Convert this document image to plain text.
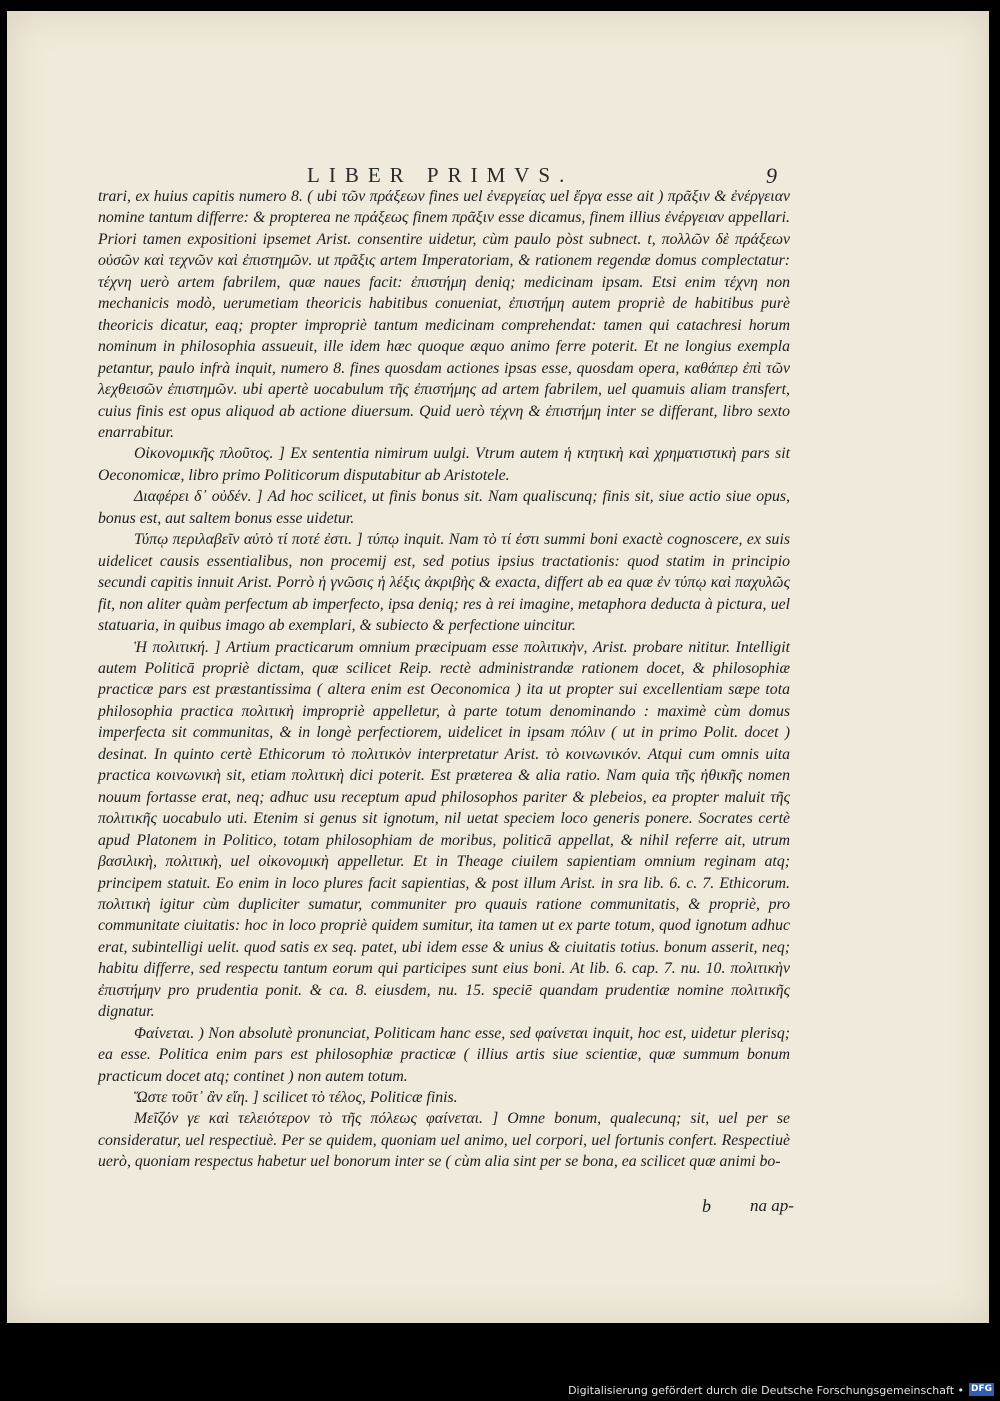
LIBER PRIMVS.	9

trari, ex huius capitis numero 8. ( ubi τῶν πράξεων fines uel ἐνεργείας uel ἔργα esse ait ) πρᾶξιν & ἐνέργειαν nomine tantum differre: & propterea ne πράξεως finem πρᾶξιν esse dicamus, finem illius ἐνέργειαν appellari. Priori tamen expositioni ipsemet Arist. consentire uidetur, cùm paulo pòst subnect. t, πολλῶν δὲ πράξεων οὐσῶν καὶ τεχνῶν καὶ ἐπιστημῶν. ut πρᾶξις artem Imperatoriam, & rationem regendæ domus complectatur: τέχνη uerò artem fabrilem, quæ naues facit: ἐπιστήμη deniq; medicinam ipsam. Etsi enim τέχνη non mechanicis modò, uerumetiam theoricis habitibus conueniat, ἐπιστήμη autem propriè de habitibus purè theoricis dicatur, eaq; propter impropriè tantum medicinam comprehendat: tamen qui catachresi horum nominum in philosophia assueuit, ille idem hæc quoque æquo animo ferre poterit. Et ne longius exempla petantur, paulo infrà inquit, numero 8. fines quosdam actiones ipsas esse, quosdam opera, καθάπερ ἐπὶ τῶν λεχθεισῶν ἐπιστημῶν. ubi apertè uocabulum τῆς ἐπιστήμης ad artem fabrilem, uel quamuis aliam transfert, cuius finis est opus aliquod ab actione diuersum. Quid uerò τέχνη & ἐπιστήμη inter se differant, libro sexto enarrabitur.

Οἰκονομικῆς πλοῦτος. ] Ex sententia nimirum uulgi. Vtrum autem ἡ κτητικὴ καὶ χρηματιστικὴ pars sit Oeconomicæ, libro primo Politicorum disputabitur ab Aristotele.

Διαφέρει δ᾽ οὐδέν. ] Ad hoc scilicet, ut finis bonus sit. Nam qualiscunq; finis sit, siue actio siue opus, bonus est, aut saltem bonus esse uidetur.

Τύπῳ περιλαβεῖν αὐτὸ τί ποτέ ἐστι. ] τύπῳ inquit. Nam τὸ τί ἐστι summi boni exactè cognoscere, ex suis uidelicet causis essentialibus, non procemij est, sed potius ipsius tractationis: quod statim in principio secundi capitis innuit Arist. Porrò ἡ γνῶσις ἡ λέξις ἀκριβὴς & exacta, differt ab ea quæ ἐν τύπῳ καὶ παχυλῶς fit, non aliter quàm perfectum ab imperfecto, ipsa deniq; res à rei imagine, metaphora deducta à pictura, uel statuaria, in quibus imago ab exemplari, & subiecto & perfectione uincitur.

Ἡ πολιτική. ] Artium practicarum omnium præcipuam esse πολιτικὴν, Arist. probare nititur. Intelligit autem Politicā propriè dictam, quæ scilicet Reip. rectè administrandæ rationem docet, & philosophiæ practicæ pars est præstantissima ( altera enim est Oeconomica ) ita ut propter sui excellentiam sæpe tota philosophia practica πολιτικὴ impropriè appelletur, à parte totum denominando : maximè cùm domus imperfecta sit communitas, & in longè perfectiorem, uidelicet in ipsam πόλιν ( ut in primo Polit. docet ) desinat. In quinto certè Ethicorum τὸ πολιτικὸν interpretatur Arist. τὸ κοινωνικόν. Atqui cum omnis uita practica κοινωνικὴ sit, etiam πολιτικὴ dici poterit. Est præterea & alia ratio. Nam quia τῆς ἠθικῆς nomen nouum fortasse erat, neq; adhuc usu receptum apud philosophos pariter & plebeios, ea propter maluit τῆς πολιτικῆς uocabulo uti. Etenim si genus sit ignotum, nil uetat speciem loco generis ponere. Socrates certè apud Platonem in Politico, totam philosophiam de moribus, politicā appellat, & nihil referre ait, utrum βασιλικὴ, πολιτικὴ, uel οἰκονομικὴ appelletur. Et in Theage ciuilem sapientiam omnium reginam atq; principem statuit. Eo enim in loco plures facit sapientias, & post illum Arist. in sra lib. 6. c. 7. Ethicorum. πολιτικὴ igitur cùm dupliciter sumatur, communiter pro quauis ratione communitatis, & propriè, pro communitate ciuitatis: hoc in loco propriè quidem sumitur, ita tamen ut ex parte totum, quod ignotum adhuc erat, subintelligi uelit. quod satis ex seq. patet, ubi idem esse & unius & ciuitatis totius. bonum asserit, neq; habitu differre, sed respectu tantum eorum qui participes sunt eius boni. At lib. 6. cap. 7. nu. 10. πολιτικὴν ἐπιστήμην pro prudentia ponit. & ca. 8. eiusdem, nu. 15. speciē quandam prudentiæ nomine πολιτικῆς dignatur.

Φαίνεται. ) Non absolutè pronunciat, Politicam hanc esse, sed φαίνεται inquit, hoc est, uidetur plerisq; ea esse. Politica enim pars est philosophiæ practicæ ( illius artis siue scientiæ, quæ summum bonum practicum docet atq; continet ) non autem totum.

Ὥστε τοῦτ᾽ ἂν εἴη. ] scilicet τὸ τέλος, Politicæ finis.

Μεῖζόν γε καὶ τελειότερον τὸ τῆς πόλεως φαίνεται. ] Omne bonum, qualecunq; sit, uel per se consideratur, uel respectiuè. Per se quidem, quoniam uel animo, uel corpori, uel fortunis confert. Respectiuè uerò, quoniam respectus habetur uel bonorum inter se ( cùm alia sint per se bona, ea scilicet quæ animi bo-

b na ap-
Digitalisierung gefördert durch die Deutsche Forschungsgemeinschaft • DFG
